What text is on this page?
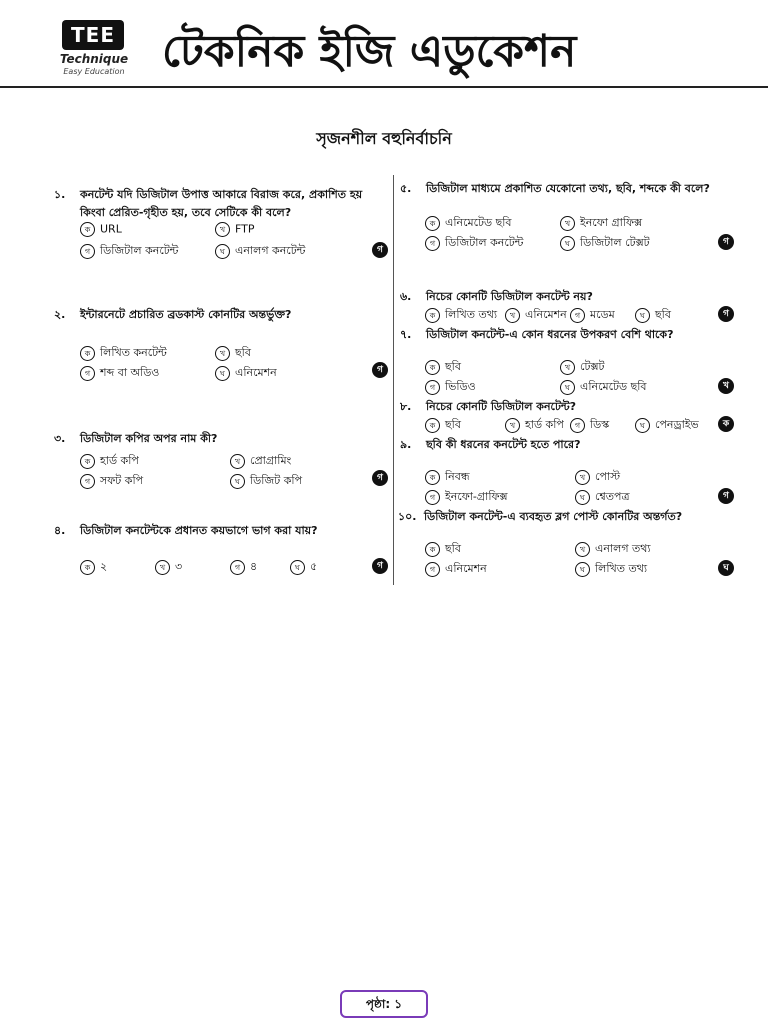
TEE
Technique
Easy Education টেকনিক ইজি এডুকেশন
সৃজনশীল বহুনির্বাচনি
১. কনটেন্ট যদি ডিজিটাল উপাত্ত আকারে বিরাজ করে, প্রকাশিত হয় কিংবা প্রেরিত-গৃহীত হয়, তবে সেটিকে কী বলে?
ক URL	খ FTP
গ ডিজিটাল কনটেন্ট	ঘ এনালগ কনটেন্ট	গ
২. ইন্টারনেটে প্রচারিত ব্রডকাস্ট কোনটির অন্তর্ভুক্ত?
ক লিখিত কনটেন্ট	খ ছবি
গ শব্দ বা অডিও	ঘ এনিমেশন	গ
৩. ডিজিটাল কপির অপর নাম কী?
ক হার্ড কপি	খ প্রোগ্রামিং
গ সফট কপি	ঘ ডিজিট কপি	গ
৪. ডিজিটাল কনটেন্টকে প্রধানত কয়ভাগে ভাগ করা যায়?
ক ২	খ ৩	গ ৪	ঘ ৫	গ
৫. ডিজিটাল মাধ্যমে প্রকাশিত যেকোনো তথ্য, ছবি, শব্দকে কী বলে?
ক এনিমেটেড ছবি	খ ইনফো গ্রাফিক্স
গ ডিজিটাল কনটেন্ট	ঘ ডিজিটাল টেক্সট	গ
৬. নিচের কোনটি ডিজিটাল কনটেন্ট নয়?
ক লিখিত তথ্য	খ এনিমেশন	গ মডেম	ঘ ছবি	গ
৭. ডিজিটাল কনটেন্ট-এ কোন ধরনের উপকরণ বেশি থাকে?
ক ছবি	খ টেক্সট
গ ভিডিও	ঘ এনিমেটেড ছবি	খ
৮. নিচের কোনটি ডিজিটাল কনটেন্ট?
ক ছবি	খ হার্ড কপি	গ ডিস্ক	ঘ পেনড্রাইভ	ক
৯. ছবি কী ধরনের কনটেন্ট হতে পারে?
ক নিবন্ধ	খ পোস্ট
গ ইনফো-গ্রাফিক্স	ঘ শ্বেতপত্র	গ
১০. ডিজিটাল কনটেন্ট-এ ব্যবহৃত ব্লগ পোস্ট কোনটির অন্তর্গত?
ক ছবি	খ এনালগ তথ্য
গ এনিমেশন	ঘ লিখিত তথ্য	ঘ
পৃষ্ঠা: ১
